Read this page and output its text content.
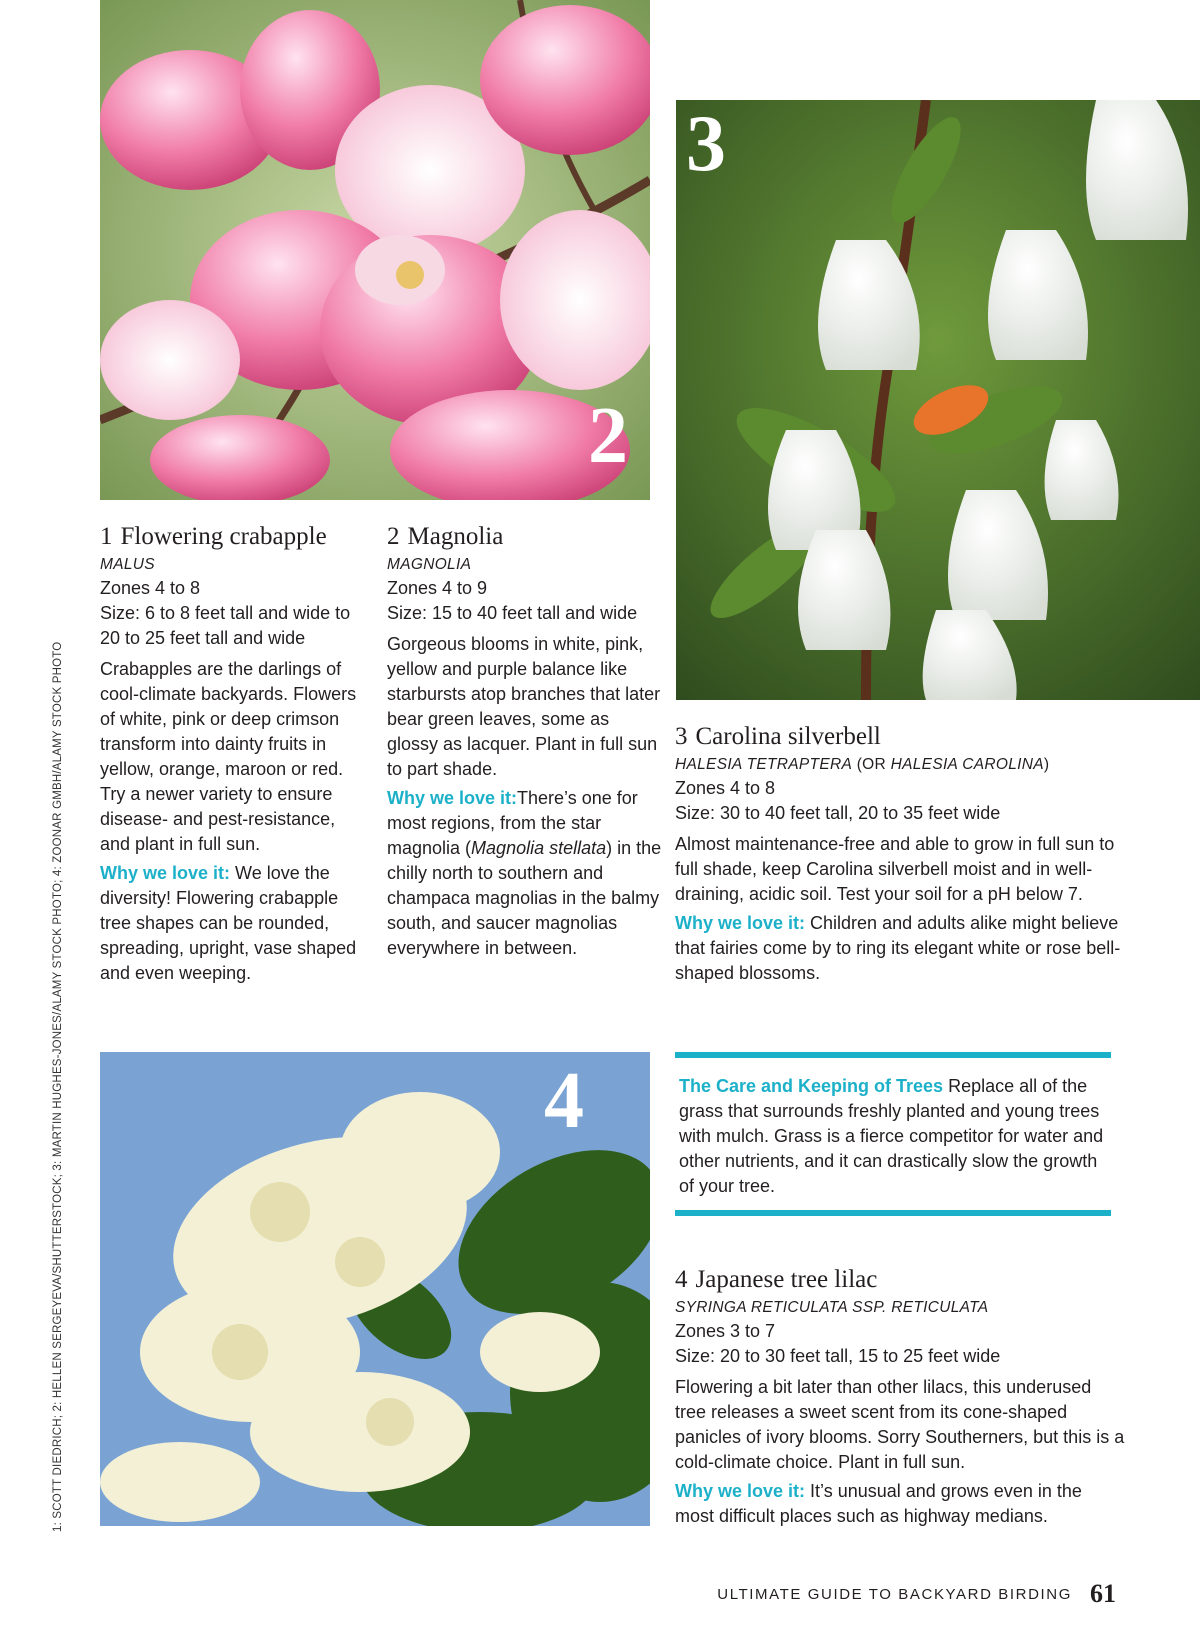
2
3
4
1: SCOTT DIEDRICH; 2: HELLEN SERGEYEVA/SHUTTERSTOCK; 3: MARTIN HUGHES-JONES/ALAMY STOCK PHOTO; 4: ZOONAR GMBH/ALAMY STOCK PHOTO
1 Flowering crabapple
MALUS
Zones 4 to 8
Size: 6 to 8 feet tall and wide to 20 to 25 feet tall and wide

Crabapples are the darlings of cool-climate backyards. Flowers of white, pink or deep crimson transform into dainty fruits in yellow, orange, maroon or red. Try a newer variety to ensure disease- and pest-resistance, and plant in full sun.

Why we love it: We love the diversity! Flowering crabapple tree shapes can be rounded, spreading, upright, vase shaped and even weeping.

2 Magnolia
MAGNOLIA
Zones 4 to 9
Size: 15 to 40 feet tall and wide

Gorgeous blooms in white, pink, yellow and purple balance like starbursts atop branches that later bear green leaves, some as glossy as lacquer. Plant in full sun to part shade.

Why we love it:There’s one for most regions, from the star magnolia (Magnolia stellata) in the chilly north to southern and champaca magnolias in the balmy south, and saucer magnolias everywhere in between.

3 Carolina silverbell
HALESIA TETRAPTERA (OR HALESIA CAROLINA)
Zones 4 to 8
Size: 30 to 40 feet tall, 20 to 35 feet wide

Almost maintenance-free and able to grow in full sun to full shade, keep Carolina silverbell moist and in well-draining, acidic soil. Test your soil for a pH below 7.

Why we love it: Children and adults alike might believe that fairies come by to ring its elegant white or rose bell-shaped blossoms.

The Care and Keeping of Trees Replace all of the grass that surrounds freshly planted and young trees with mulch. Grass is a fierce competitor for water and other nutrients, and it can drastically slow the growth of your tree.

4 Japanese tree lilac
SYRINGA RETICULATA SSP. RETICULATA
Zones 3 to 7
Size: 20 to 30 feet tall, 15 to 25 feet wide

Flowering a bit later than other lilacs, this underused tree releases a sweet scent from its cone-shaped panicles of ivory blooms. Sorry Southerners, but this is a cold-climate choice. Plant in full sun.

Why we love it: It’s unusual and grows even in the most difficult places such as highway medians.

ULTIMATE GUIDE TO BACKYARD BIRDING 61
